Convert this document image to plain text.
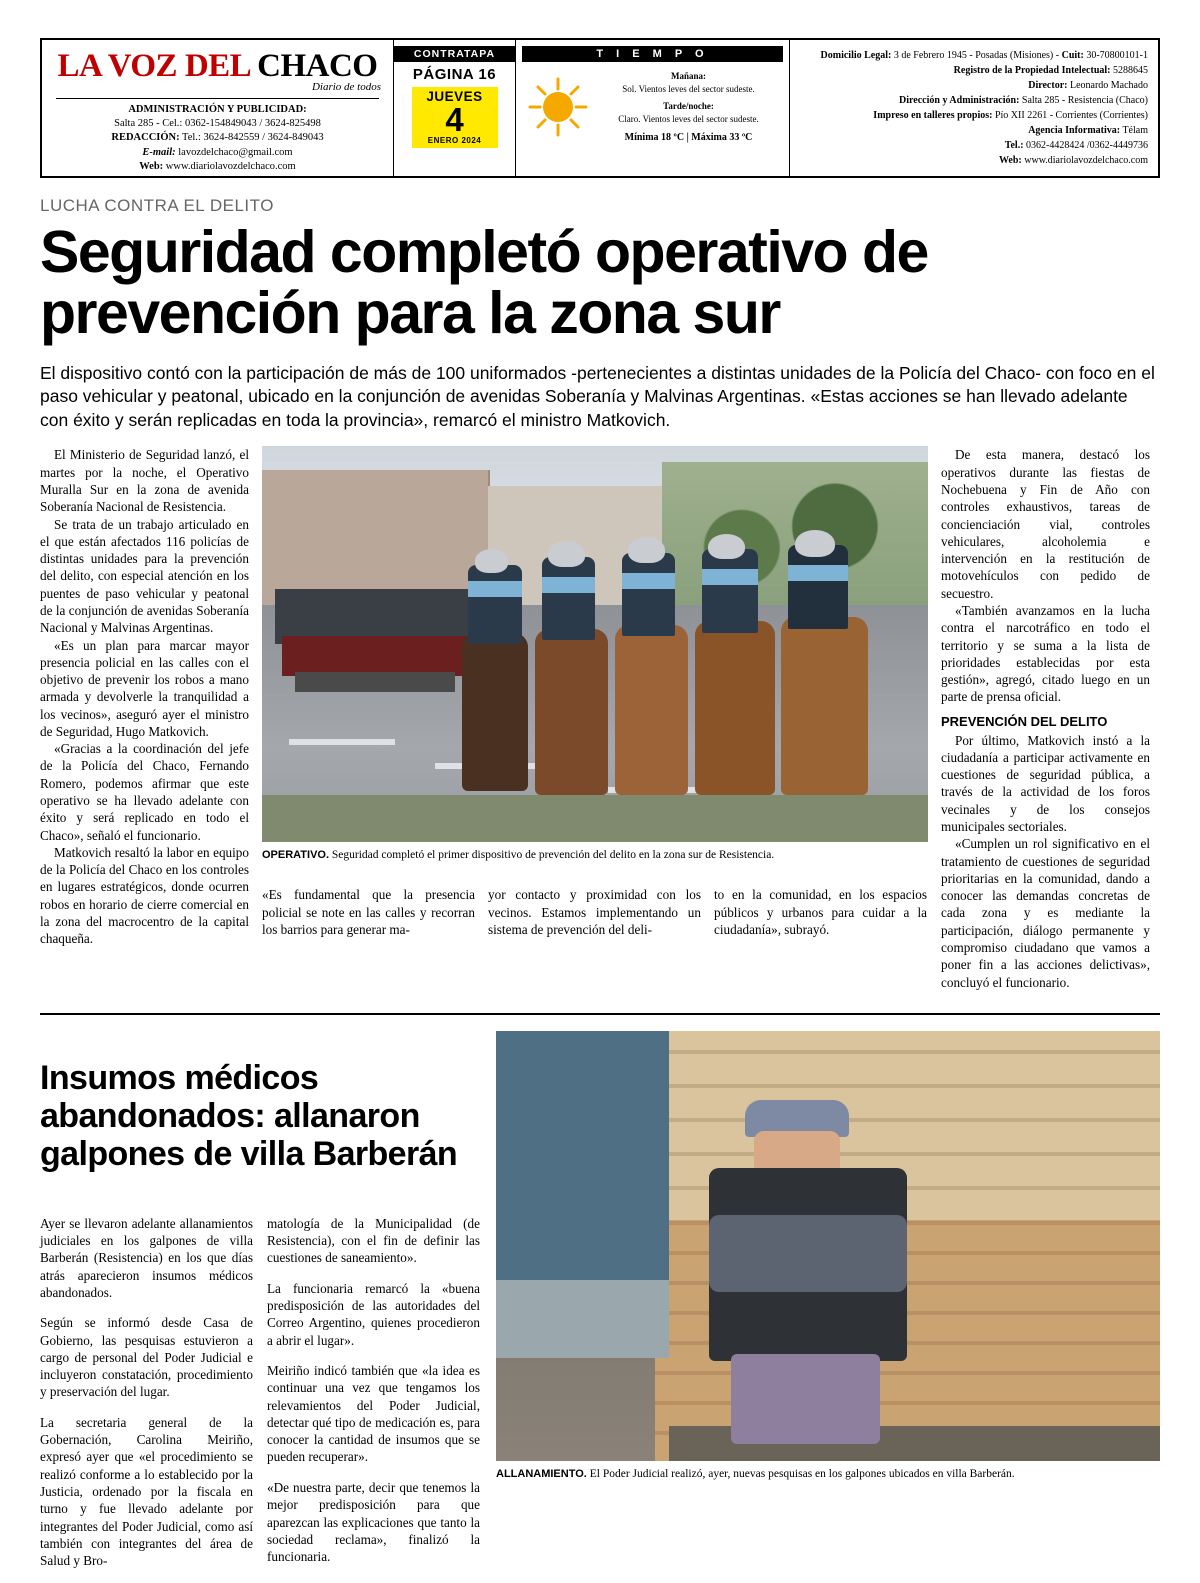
LA VOZ DEL CHACO
Diario de todos
ADMINISTRACIÓN Y PUBLICIDAD:
Salta 285 - Cel.: 0362-154849043 / 3624-825498
REDACCIÓN: Tel.: 3624-842559 / 3624-849043
E-mail: lavozdelchaco@gmail.com
Web: www.diariolavozdelchaco.com
CONTRATAPA
PÁGINA 16
JUEVES
4
ENERO 2024
T I E M P O
Mañana:
Sol. Vientos leves del sector sudeste.
Tarde/noche:
Claro. Vientos leves del sector sudeste.
Mínima 18 ºC | Máxima 33 ºC
Domicilio Legal: 3 de Febrero 1945 - Posadas (Misiones) - Cuit: 30-70800101-1
Registro de la Propiedad Intelectual: 5288645
Director: Leonardo Machado
Dirección y Administración: Salta 285 - Resistencia (Chaco)
Impreso en talleres propios: Pío XII 2261 - Corrientes (Corrientes)
Agencia Informativa: Télam
Tel.: 0362-4428424 /0362-4449736
Web: www.diariolavozdelchaco.com
LUCHA CONTRA EL DELITO
Seguridad completó operativo de prevención para la zona sur
El dispositivo contó con la participación de más de 100 uniformados -pertenecientes a distintas unidades de la Policía del Chaco- con foco en el paso vehicular y peatonal, ubicado en la conjunción de avenidas Soberanía y Malvinas Argentinas. «Estas acciones se han llevado adelante con éxito y serán replicadas en toda la provincia», remarcó el ministro Matkovich.

El Ministerio de Seguridad lanzó, el martes por la noche, el Operativo Muralla Sur en la zona de avenida Soberanía Nacional de Resistencia.

Se trata de un trabajo articulado en el que están afectados 116 policías de distintas unidades para la prevención del delito, con especial atención en los puentes de paso vehicular y peatonal de la conjunción de avenidas Soberanía Nacional y Malvinas Argentinas.

«Es un plan para marcar mayor presencia policial en las calles con el objetivo de prevenir los robos a mano armada y devolverle la tranquilidad a los vecinos», aseguró ayer el ministro de Seguridad, Hugo Matkovich.

«Gracias a la coordinación del jefe de la Policía del Chaco, Fernando Romero, podemos afirmar que este operativo se ha llevado adelante con éxito y será replicado en todo el Chaco», señaló el funcionario.

Matkovich resaltó la labor en equipo de la Policía del Chaco en los controles en lugares estratégicos, donde ocurren robos en horario de cierre comercial en la zona del macrocentro de la capital chaqueña.

OPERATIVO. Seguridad completó el primer dispositivo de prevención del delito en la zona sur de Resistencia.

«Es fundamental que la presencia policial se note en las calles y recorran los barrios para generar ma-

yor contacto y proximidad con los vecinos. Estamos implementando un sistema de prevención del deli-

to en la comunidad, en los espacios públicos y urbanos para cuidar a la ciudadanía», subrayó.

De esta manera, destacó los operativos durante las fiestas de Nochebuena y Fin de Año con controles exhaustivos, tareas de concienciación vial, controles vehiculares, alcoholemia e intervención en la restitución de motovehículos con pedido de secuestro.

«También avanzamos en la lucha contra el narcotráfico en todo el territorio y se suma a la lista de prioridades establecidas por esta gestión», agregó, citado luego en un parte de prensa oficial.

PREVENCIÓN DEL DELITO

Por último, Matkovich instó a la ciudadanía a participar activamente en cuestiones de seguridad pública, a través de la actividad de los foros vecinales y de los consejos municipales sectoriales.

«Cumplen un rol significativo en el tratamiento de cuestiones de seguridad prioritarias en la comunidad, dando a conocer las demandas concretas de cada zona y es mediante la participación, diálogo permanente y compromiso ciudadano que vamos a poner fin a las acciones delictivas», concluyó el funcionario.

Insumos médicos abandonados: allanaron galpones de villa Barberán

Ayer se llevaron adelante allanamientos judiciales en los galpones de villa Barberán (Resistencia) en los que días atrás aparecieron insumos médicos abandonados.

Según se informó desde Casa de Gobierno, las pesquisas estuvieron a cargo de personal del Poder Judicial e incluyeron constatación, procedimiento y preservación del lugar.

La secretaria general de la Gobernación, Carolina Meiriño, expresó ayer que «el procedimiento se realizó conforme a lo establecido por la Justicia, ordenado por la fiscala en turno y fue llevado adelante por integrantes del Poder Judicial, como así también con integrantes del área de Salud y Bro-

matología de la Municipalidad (de Resistencia), con el fin de definir las cuestiones de saneamiento».

La funcionaria remarcó la «buena predisposición de las autoridades del Correo Argentino, quienes procedieron a abrir el lugar».

Meiriño indicó también que «la idea es continuar una vez que tengamos los relevamientos del Poder Judicial, detectar qué tipo de medicación es, para conocer la cantidad de insumos que se pueden recuperar».

«De nuestra parte, decir que tenemos la mejor predisposición para que aparezcan las explicaciones que tanto la sociedad reclama», finalizó la funcionaria.

ALLANAMIENTO. El Poder Judicial realizó, ayer, nuevas pesquisas en los galpones ubicados en villa Barberán.
